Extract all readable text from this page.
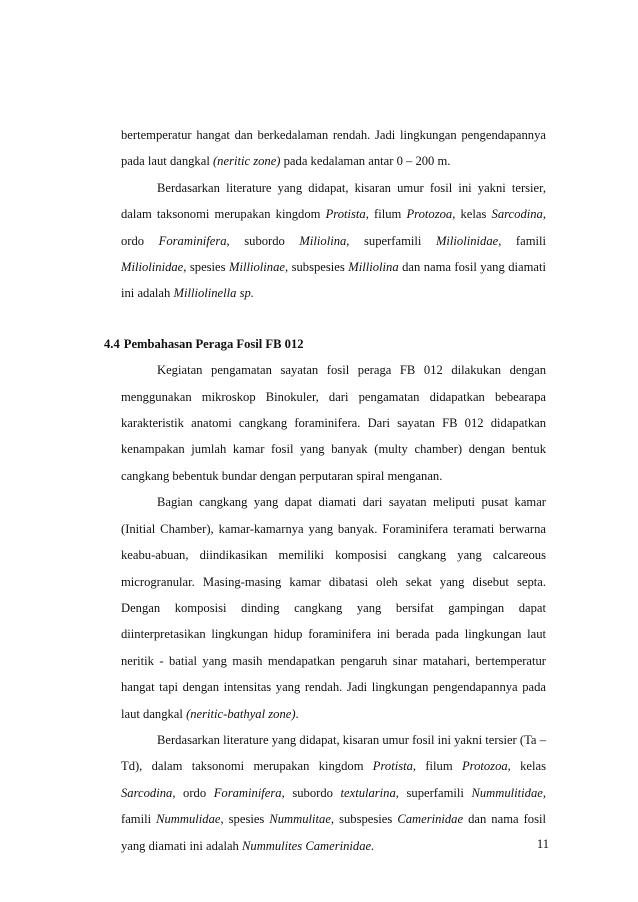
bertemperatur hangat dan berkedalaman rendah. Jadi lingkungan pengendapannya pada laut dangkal (neritic zone) pada kedalaman antar 0 – 200 m.

Berdasarkan literature yang didapat, kisaran umur fosil ini yakni tersier, dalam taksonomi merupakan kingdom Protista, filum Protozoa, kelas Sarcodina, ordo Foraminifera, subordo Miliolina, superfamili Miliolinidae, famili Miliolinidae, spesies Milliolinae, subspesies Milliolina dan nama fosil yang diamati ini adalah Milliolinella sp.

4.4 Pembahasan Peraga Fosil FB 012

Kegiatan pengamatan sayatan fosil peraga FB 012 dilakukan dengan menggunakan mikroskop Binokuler, dari pengamatan didapatkan bebearapa karakteristik anatomi cangkang foraminifera. Dari sayatan FB 012 didapatkan kenampakan jumlah kamar fosil yang banyak (multy chamber) dengan bentuk cangkang bebentuk bundar dengan perputaran spiral menganan.

Bagian cangkang yang dapat diamati dari sayatan meliputi pusat kamar (Initial Chamber), kamar-kamarnya yang banyak. Foraminifera teramati berwarna keabu-abuan, diindikasikan memiliki komposisi cangkang yang calcareous microgranular. Masing-masing kamar dibatasi oleh sekat yang disebut septa. Dengan komposisi dinding cangkang yang bersifat gampingan dapat diinterpretasikan lingkungan hidup foraminifera ini berada pada lingkungan laut neritik - batial yang masih mendapatkan pengaruh sinar matahari, bertemperatur hangat tapi dengan intensitas yang rendah. Jadi lingkungan pengendapannya pada laut dangkal (neritic-bathyal zone).

Berdasarkan literature yang didapat, kisaran umur fosil ini yakni tersier (Ta – Td), dalam taksonomi merupakan kingdom Protista, filum Protozoa, kelas Sarcodina, ordo Foraminifera, subordo textularina, superfamili Nummulitidae, famili Nummulidae, spesies Nummulitae, subspesies Camerinidae dan nama fosil yang diamati ini adalah Nummulites Camerinidae.	11
